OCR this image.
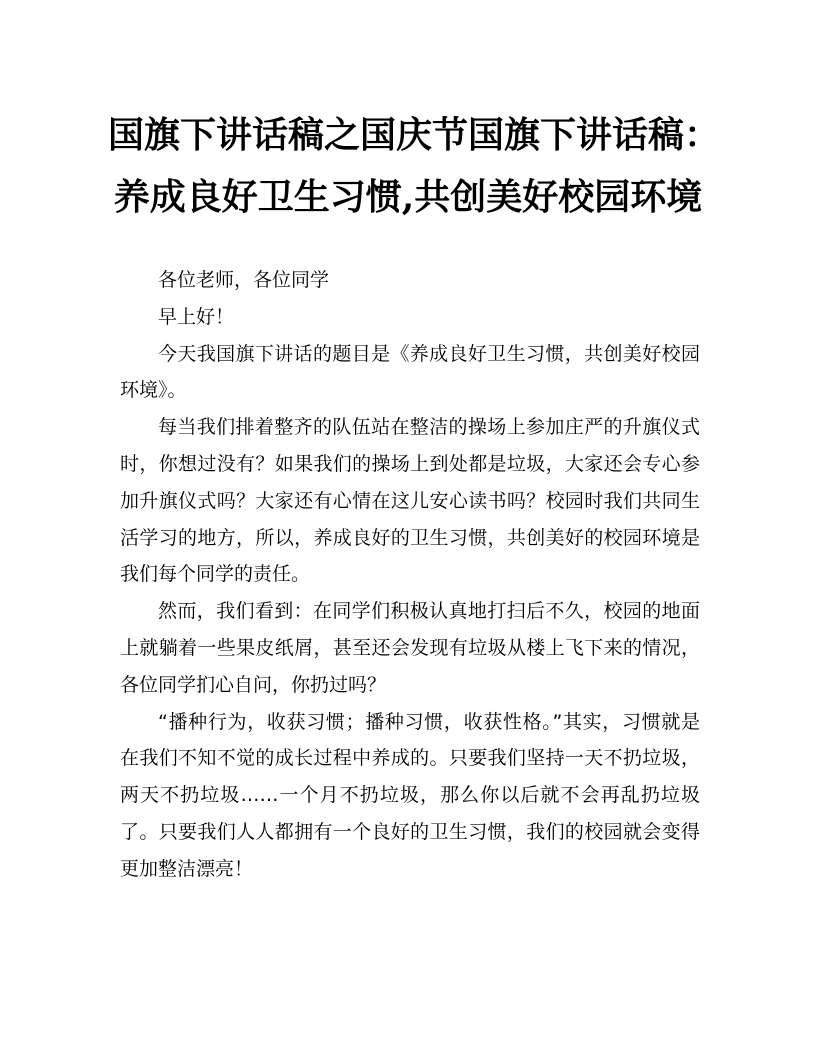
国旗下讲话稿之国庆节国旗下讲话稿：
养成良好卫生习惯,共创美好校园环境

各位老师，各位同学

早上好！

今天我国旗下讲话的题目是《养成良好卫生习惯，共创美好校园环境》。

每当我们排着整齐的队伍站在整洁的操场上参加庄严的升旗仪式时，你想过没有？如果我们的操场上到处都是垃圾，大家还会专心参加升旗仪式吗？大家还有心情在这儿安心读书吗？校园时我们共同生活学习的地方，所以，养成良好的卫生习惯，共创美好的校园环境是我们每个同学的责任。

然而，我们看到：在同学们积极认真地打扫后不久，校园的地面上就躺着一些果皮纸屑，甚至还会发现有垃圾从楼上飞下来的情况，各位同学扪心自问，你扔过吗？

“播种行为，收获习惯；播种习惯，收获性格。”其实，习惯就是在我们不知不觉的成长过程中养成的。只要我们坚持一天不扔垃圾，两天不扔垃圾……一个月不扔垃圾，那么你以后就不会再乱扔垃圾了。只要我们人人都拥有一个良好的卫生习惯，我们的校园就会变得更加整洁漂亮！
